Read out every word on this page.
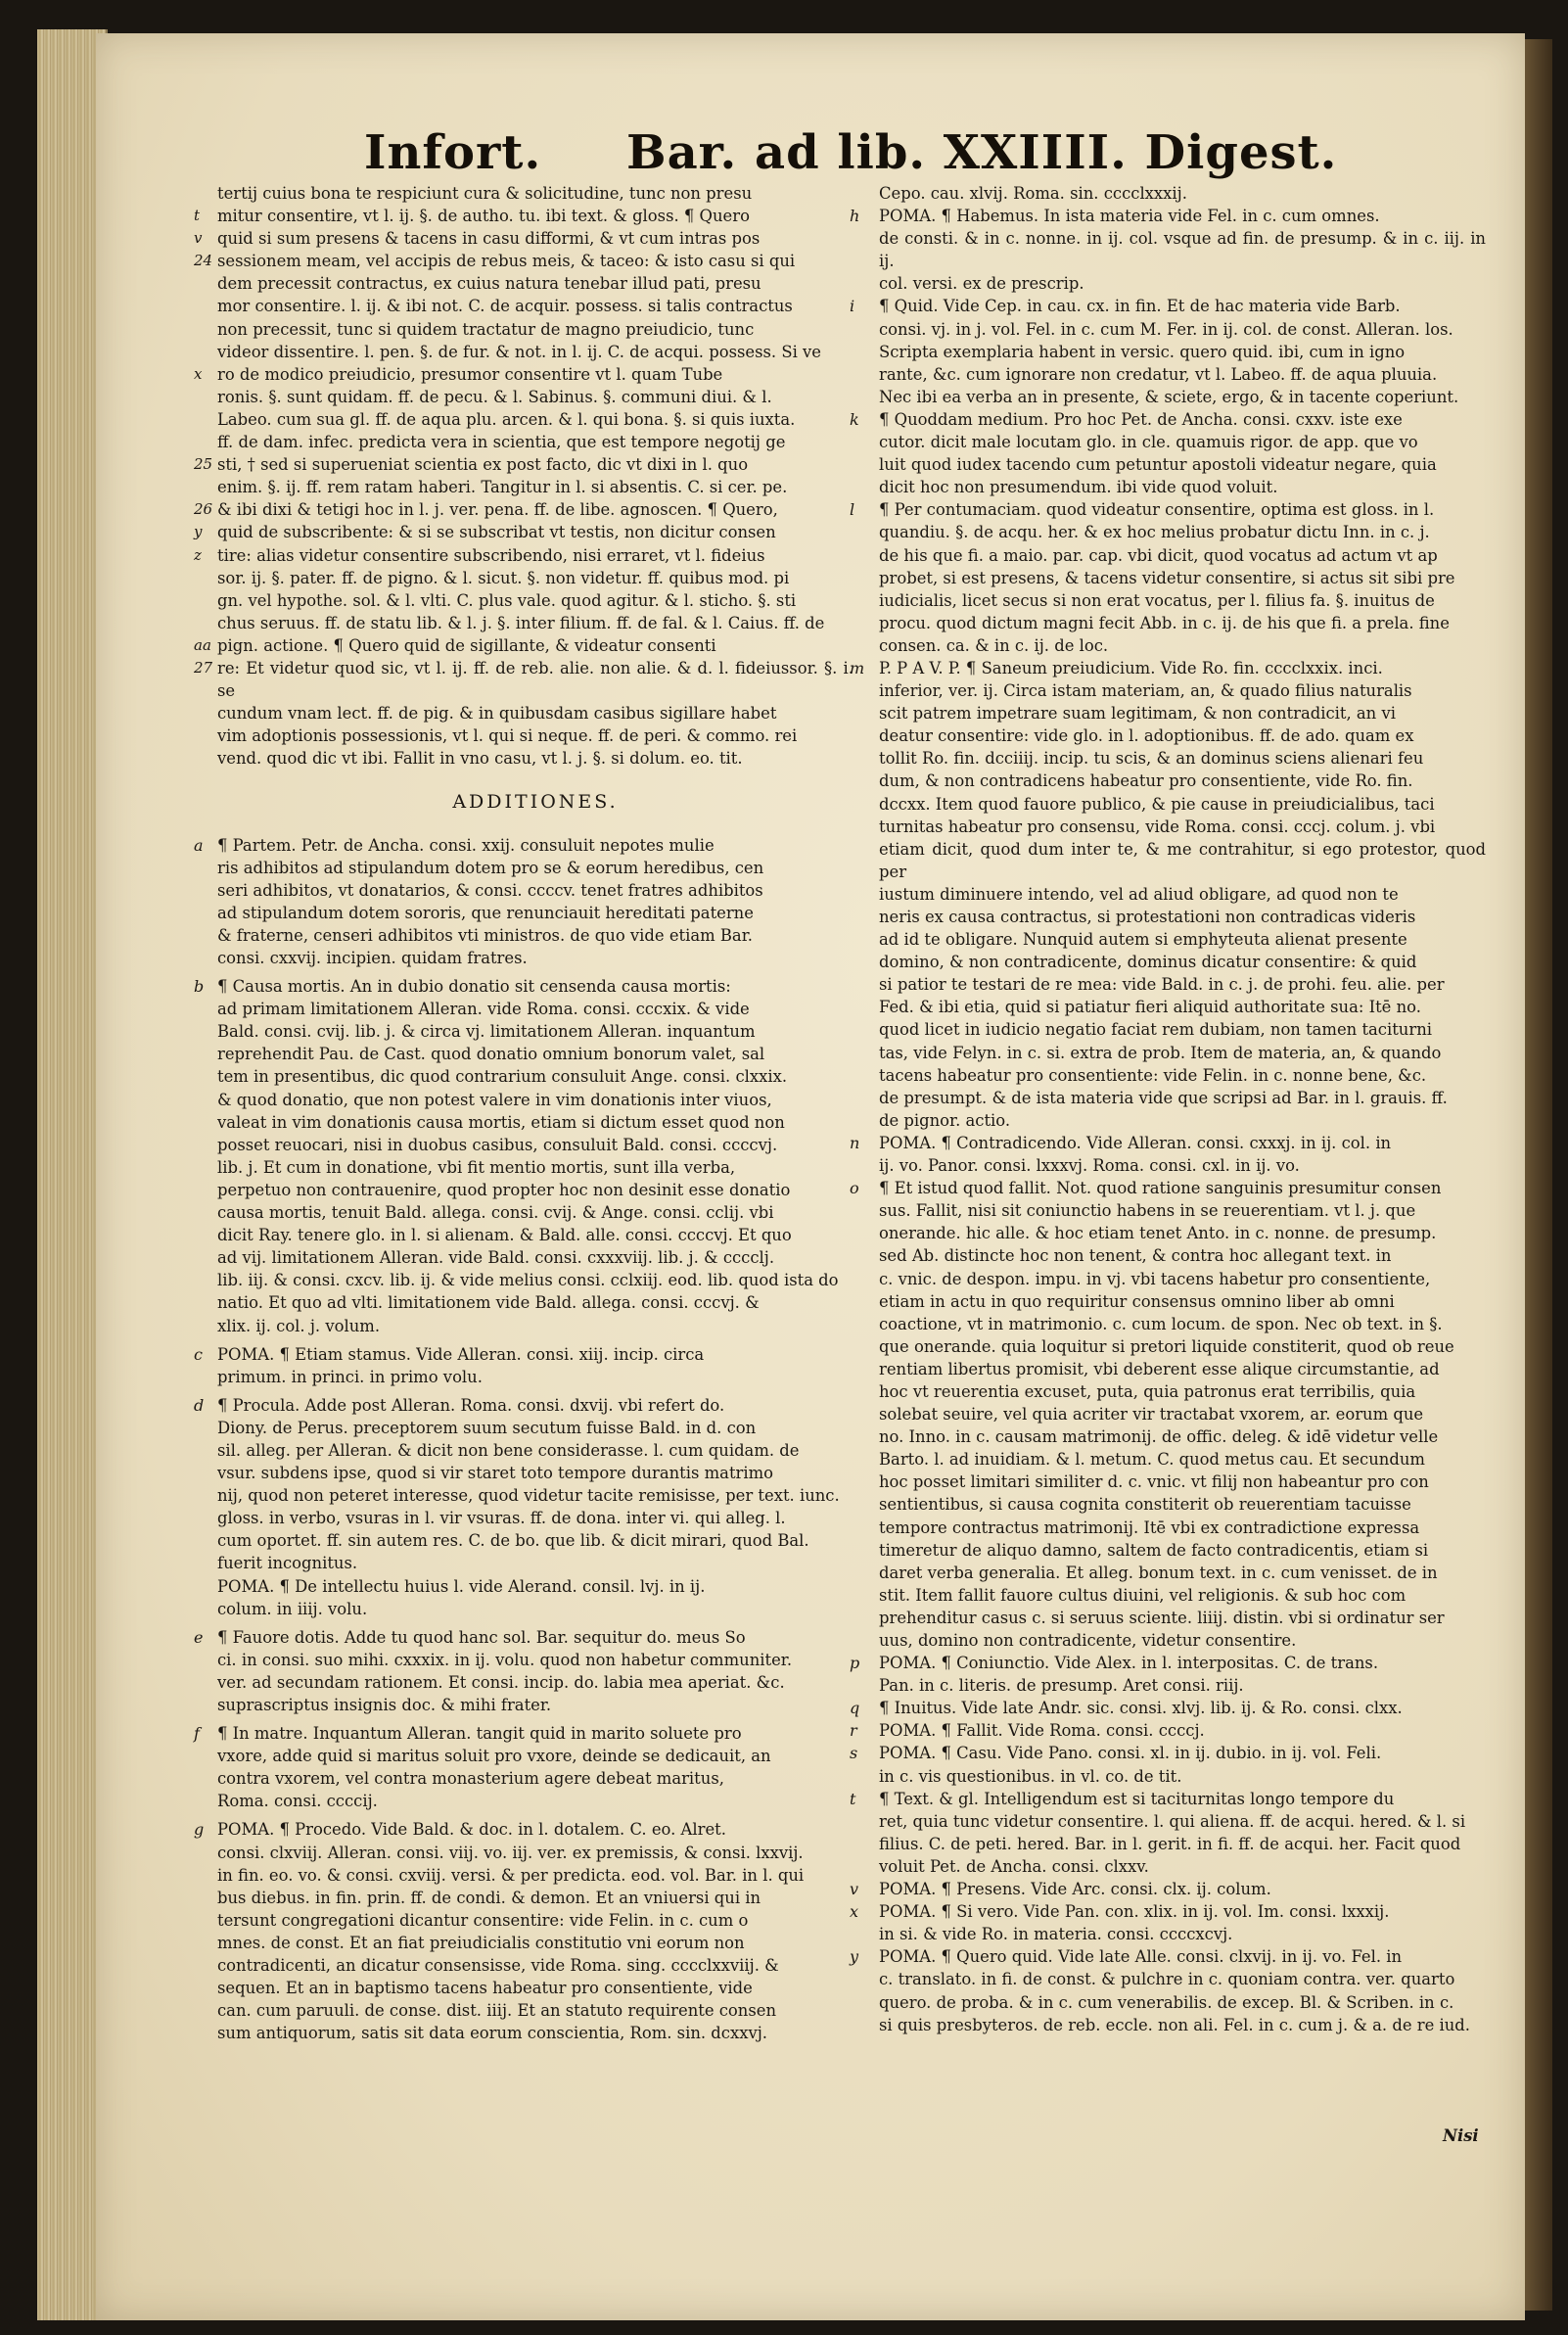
Infort. Bar. ad lib. XXIIII. Digest.
tertij cuius bona te respiciunt cura & solicitudine, tunc non presu
t	mitur consentire, vt l. ij. §. de autho. tu. ibi text. & gloss. ¶ Quero
v quid si sum presens & tacens in casu difformi, & vt cum intras pos
24 sessionem meam, vel accipis de rebus meis, & taceo: & isto casu si qui
dem precessit contractus, ex cuius natura tenebar illud pati, presu
mor consentire. l. ij. & ibi not. C. de acquir. possess. si talis contractus
non precessit, tunc si quidem tractatur de magno preiudicio, tunc
videor dissentire. l. pen. §. de fur. & not. in l. ij. C. de acqui. possess. Si ve
x ro de modico preiudicio, presumor consentire vt l. quam Tube
ronis. §. sunt quidam. ff. de pecu. & l. Sabinus. §. communi diui. & l.
Labeo. cum sua gl. ff. de aqua plu. arcen. & l. qui bona. §. si quis iuxta.
ff. de dam. infec. predicta vera in scientia, que est tempore negotij ge
25 sti, † sed si superueniat scientia ex post facto, dic vt dixi in l. quo
enim. §. ij. ff. rem ratam haberi. Tangitur in l. si absentis. C. si cer. pe.
26 & ibi dixi & tetigi hoc in l. j. ver. pena. ff. de libe. agnoscen. ¶ Quero,
y quid de subscribente: & si se subscribat vt testis, non dicitur consen
z tire: alias videtur consentire subscribendo, nisi erraret, vt l. fideius
sor. ij. §. pater. ff. de pigno. & l. sicut. §. non videtur. ff. quibus mod. pi
gn. vel hypothe. sol. & l. vlti. C. plus vale. quod agitur. & l. sticho. §. sti
chus seruus. ff. de statu lib. & l. j. §. inter filium. ff. de fal. & l. Caius. ff. de
aa pign. actione. ¶ Quero quid de sigillante, & videatur consenti
27 re: Et videtur quod sic, vt l. ij. ff. de reb. alie. non alie. & d. l. fideiussor. §. i. se
cundum vnam lect. ff. de pig. & in quibusdam casibus sigillare habet
vim adoptionis possessionis, vt l. qui si neque. ff. de peri. & commo. rei
vend. quod dic vt ibi. Fallit in vno casu, vt l. j. §. si dolum. eo. tit.
ADDITIONES.
a ¶ Partem. Petr. de Ancha. consi. xxij. consuluit nepotes mulie
ris adhibitos ad stipulandum dotem pro se & eorum heredibus, cen
seri adhibitos, vt donatarios, & consi. ccccv. tenet fratres adhibitos
ad stipulandum dotem sororis, que renunciauit hereditati paterne
& fraterne, censeri adhibitos vti ministros. de quo vide etiam Bar.
consi. cxxvij. incipien. quidam fratres.
b ¶ Causa mortis. An in dubio donatio sit censenda causa mortis:
ad primam limitationem Alleran. vide Roma. consi. cccxix. & vide
Bald. consi. cvij. lib. j. & circa vj. limitationem Alleran. inquantum
reprehendit Pau. de Cast. quod donatio omnium bonorum valet, sal
tem in presentibus, dic quod contrarium consuluit Ange. consi. clxxix.
& quod donatio, que non potest valere in vim donationis inter viuos,
valeat in vim donationis causa mortis, etiam si dictum esset quod non
posset reuocari, nisi in duobus casibus, consuluit Bald. consi. ccccvj.
lib. j. Et cum in donatione, vbi fit mentio mortis, sunt illa verba,
perpetuo non contrauenire, quod propter hoc non desinit esse donatio
causa mortis, tenuit Bald. allega. consi. cvij. & Ange. consi. cclij. vbi
dicit Ray. tenere glo. in l. si alienam. & Bald. alle. consi. ccccvj. Et quo
ad vij. limitationem Alleran. vide Bald. consi. cxxxviij. lib. j. & cccclj.
lib. iij. & consi. cxcv. lib. ij. & vide melius consi. cclxiij. eod. lib. quod ista do
natio. Et quo ad vlti. limitationem vide Bald. allega. consi. cccvj. &
xlix. ij. col. j. volum.
c POMA. ¶ Etiam stamus. Vide Alleran. consi. xiij. incip. circa
primum. in princi. in primo volu.
d ¶ Procula. Adde post Alleran. Roma. consi. dxvij. vbi refert do.
Diony. de Perus. preceptorem suum secutum fuisse Bald. in d. con
sil. alleg. per Alleran. & dicit non bene considerasse. l. cum quidam. de
vsur. subdens ipse, quod si vir staret toto tempore durantis matrimo
nij, quod non peteret interesse, quod videtur tacite remisisse, per text. iunc.
gloss. in verbo, vsuras in l. vir vsuras. ff. de dona. inter vi. qui alleg. l.
cum oportet. ff. sin autem res. C. de bo. que lib. & dicit mirari, quod Bal.
fuerit incognitus.
POMA. ¶ De intellectu huius l. vide Alerand. consil. lvj. in ij.
colum. in iiij. volu.
e ¶ Fauore dotis. Adde tu quod hanc sol. Bar. sequitur do. meus So
ci. in consi. suo mihi. cxxxix. in ij. volu. quod non habetur communiter.
ver. ad secundam rationem. Et consi. incip. do. labia mea aperiat. &c.
suprascriptus insignis doc. & mihi frater.
f	¶ In matre. Inquantum Alleran. tangit quid in marito soluete pro
vxore, adde quid si maritus soluit pro vxore, deinde se dedicauit, an
contra vxorem, vel contra monasterium agere debeat maritus,
Roma. consi. ccccij.
g POMA. ¶ Procedo. Vide Bald. & doc. in l. dotalem. C. eo. Alret.
consi. clxviij. Alleran. consi. viij. vo. iij. ver. ex premissis, & consi. lxxvij.
in fin. eo. vo. & consi. cxviij. versi. & per predicta. eod. vol. Bar. in l. qui
bus diebus. in fin. prin. ff. de condi. & demon. Et an vniuersi qui in
tersunt congregationi dicantur consentire: vide Felin. in c. cum o
mnes. de const. Et an fiat preiudicialis constitutio vni eorum non
contradicenti, an dicatur consensisse, vide Roma. sing. cccclxxviij. &
sequen. Et an in baptismo tacens habeatur pro consentiente, vide
can. cum paruuli. de conse. dist. iiij. Et an statuto requirente consen
sum antiquorum, satis sit data eorum conscientia, Rom. sin. dcxxvj.
Cepo. cau. xlvij. Roma. sin. cccclxxxij.
h	POMA. ¶ Habemus. In ista materia vide Fel. in c. cum omnes.
de consti. & in c. nonne. in ij. col. vsque ad fin. de presump. & in c. iij. in ij.
col. versi. ex de prescrip.
i	¶ Quid. Vide Cep. in cau. cx. in fin. Et de hac materia vide Barb.
consi. vj. in j. vol. Fel. in c. cum M. Fer. in ij. col. de const. Alleran. los.
Scripta exemplaria habent in versic. quero quid. ibi, cum in igno
rante, &c. cum ignorare non credatur, vt l. Labeo. ff. de aqua pluuia.
Nec ibi ea verba an in presente, & sciete, ergo, & in tacente coperiunt.
k	¶ Quoddam medium. Pro hoc Pet. de Ancha. consi. cxxv. iste exe
cutor. dicit male locutam glo. in cle. quamuis rigor. de app. que vo
luit quod iudex tacendo cum petuntur apostoli videatur negare, quia
dicit hoc non presumendum. ibi vide quod voluit.
l	¶ Per contumaciam. quod videatur consentire, optima est gloss. in l.
quandiu. §. de acqu. her. & ex hoc melius probatur dictu Inn. in c. j.
de his que fi. a maio. par. cap. vbi dicit, quod vocatus ad actum vt ap
probet, si est presens, & tacens videtur consentire, si actus sit sibi pre
iudicialis, licet secus si non erat vocatus, per l. filius fa. §. inuitus de
procu. quod dictum magni fecit Abb. in c. ij. de his que fi. a prela. fine
consen. ca. & in c. ij. de loc.
m P. P A V. P. ¶ Saneum preiudicium. Vide Ro. fin. cccclxxix. inci.
inferior, ver. ij. Circa istam materiam, an, & quado filius naturalis
scit patrem impetrare suam legitimam, & non contradicit, an vi
deatur consentire: vide glo. in l. adoptionibus. ff. de ado. quam ex
tollit Ro. fin. dcciiij. incip. tu scis, & an dominus sciens alienari feu
dum, & non contradicens habeatur pro consentiente, vide Ro. fin.
dccxx. Item quod fauore publico, & pie cause in preiudicialibus, taci
turnitas habeatur pro consensu, vide Roma. consi. cccj. colum. j. vbi
etiam dicit, quod dum inter te, & me contrahitur, si ego protestor, quod per
iustum diminuere intendo, vel ad aliud obligare, ad quod non te
neris ex causa contractus, si protestationi non contradicas videris
ad id te obligare. Nunquid autem si emphyteuta alienat presente
domino, & non contradicente, dominus dicatur consentire: & quid
si patior te testari de re mea: vide Bald. in c. j. de prohi. feu. alie. per
Fed. & ibi etia, quid si patiatur fieri aliquid authoritate sua: Itē no.
quod licet in iudicio negatio faciat rem dubiam, non tamen taciturni
tas, vide Felyn. in c. si. extra de prob. Item de materia, an, & quando
tacens habeatur pro consentiente: vide Felin. in c. nonne bene, &c.
de presumpt. & de ista materia vide que scripsi ad Bar. in l. grauis. ff.
de pignor. actio.
n	POMA. ¶ Contradicendo. Vide Alleran. consi. cxxxj. in ij. col. in
ij. vo. Panor. consi. lxxxvj. Roma. consi. cxl. in ij. vo.
o	¶ Et istud quod fallit. Not. quod ratione sanguinis presumitur consen
sus. Fallit, nisi sit coniunctio habens in se reuerentiam. vt l. j. que
onerande. hic alle. & hoc etiam tenet Anto. in c. nonne. de presump.
sed Ab. distincte hoc non tenent, & contra hoc allegant text. in
c. vnic. de despon. impu. in vj. vbi tacens habetur pro consentiente,
etiam in actu in quo requiritur consensus omnino liber ab omni
coactione, vt in matrimonio. c. cum locum. de spon. Nec ob text. in §.
que onerande. quia loquitur si pretori liquide constiterit, quod ob reue
rentiam libertus promisit, vbi deberent esse alique circumstantie, ad
hoc vt reuerentia excuset, puta, quia patronus erat terribilis, quia
solebat seuire, vel quia acriter vir tractabat vxorem, ar. eorum que
no. Inno. in c. causam matrimonij. de offic. deleg. & idē videtur velle
Barto. l. ad inuidiam. & l. metum. C. quod metus cau. Et secundum
hoc posset limitari similiter d. c. vnic. vt filij non habeantur pro con
sentientibus, si causa cognita constiterit ob reuerentiam tacuisse
tempore contractus matrimonij. Itē vbi ex contradictione expressa
timeretur de aliquo damno, saltem de facto contradicentis, etiam si
daret verba generalia. Et alleg. bonum text. in c. cum venisset. de in
stit. Item fallit fauore cultus diuini, vel religionis. & sub hoc com
prehenditur casus c. si seruus sciente. liiij. distin. vbi si ordinatur ser
uus, domino non contradicente, videtur consentire.
p	POMA. ¶ Coniunctio. Vide Alex. in l. interpositas. C. de trans.
Pan. in c. literis. de presump. Aret consi. riij.
q	¶ Inuitus. Vide late Andr. sic. consi. xlvj. lib. ij. & Ro. consi. clxx.
r	POMA. ¶ Fallit. Vide Roma. consi. ccccj.
s	POMA. ¶ Casu. Vide Pano. consi. xl. in ij. dubio. in ij. vol. Feli.
in c. vis questionibus. in vl. co. de tit.
t	¶ Text. & gl. Intelligendum est si taciturnitas longo tempore du
ret, quia tunc videtur consentire. l. qui aliena. ff. de acqui. hered. & l. si
filius. C. de peti. hered. Bar. in l. gerit. in fi. ff. de acqui. her. Facit quod
voluit Pet. de Ancha. consi. clxxv.
v	POMA. ¶ Presens. Vide Arc. consi. clx. ij. colum.
x	POMA. ¶ Si vero. Vide Pan. con. xlix. in ij. vol. Im. consi. lxxxij.
in si. & vide Ro. in materia. consi. ccccxcvj.
y	POMA. ¶ Quero quid. Vide late Alle. consi. clxvij. in ij. vo. Fel. in
c. translato. in fi. de const. & pulchre in c. quoniam contra. ver. quarto
quero. de proba. & in c. cum venerabilis. de excep. Bl. & Scriben. in c.
si quis presbyteros. de reb. eccle. non ali. Fel. in c. cum j. & a. de re iud.
Nisi
